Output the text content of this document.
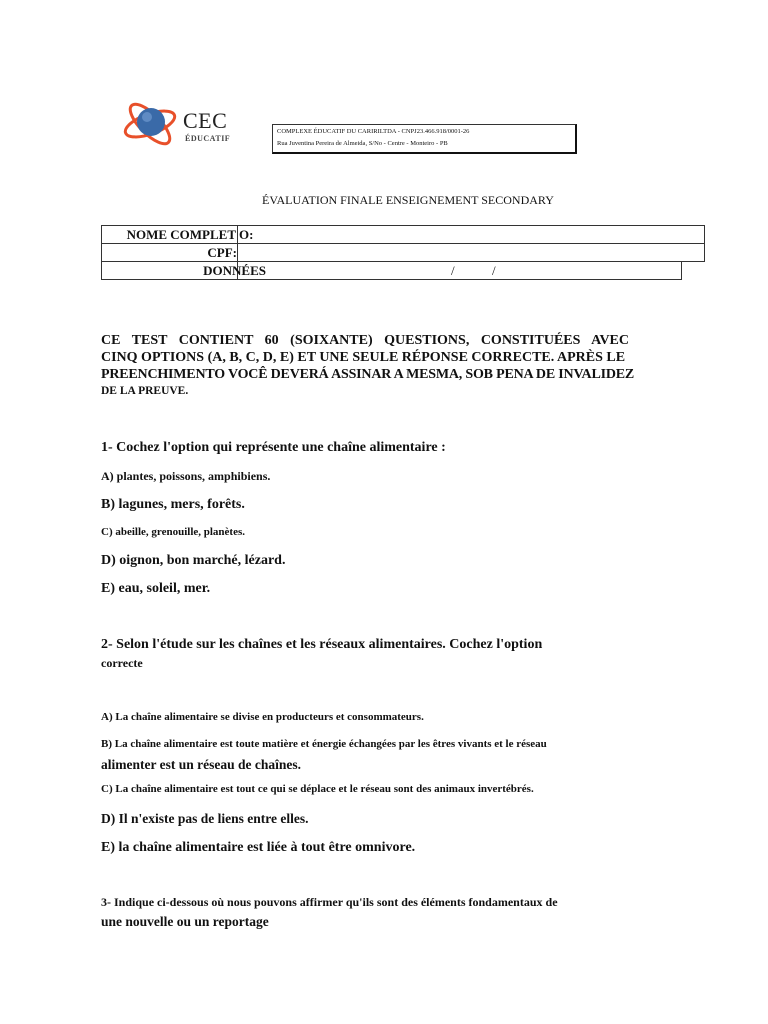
CEC
ÉDUCATIF
COMPLEXE ÉDUCATIF DU CARIRILTDA - CNPJ23.466.918/0001-26
Rua Juventina Pereira de Almeida, S/No - Centre - Monteiro - PB
ÉVALUATION FINALE ENSEIGNEMENT SECONDARY
NOME COMPLET O:
CPF:
DONNÉES	/	/
CE TEST CONTIENT 60 (SOIXANTE) QUESTIONS, CONSTITUÉES AVEC
CINQ OPTIONS (A, B, C, D, E) ET UNE SEULE RÉPONSE CORRECTE. APRÈS LE
PREENCHIMENTO VOCÊ DEVERÁ ASSINAR A MESMA, SOB PENA DE INVALIDEZ
DE LA PREUVE.
1- Cochez l'option qui représente une chaîne alimentaire :
A) plantes, poissons, amphibiens.
B) lagunes, mers, forêts.
C) abeille, grenouille, planètes.
D) oignon, bon marché, lézard.
E) eau, soleil, mer.
2- Selon l'étude sur les chaînes et les réseaux alimentaires. Cochez l'option
correcte
A) La chaîne alimentaire se divise en producteurs et consommateurs.
B) La chaîne alimentaire est toute matière et énergie échangées par les êtres vivants et le réseau
alimenter est un réseau de chaînes.
C) La chaîne alimentaire est tout ce qui se déplace et le réseau sont des animaux invertébrés.
D) Il n'existe pas de liens entre elles.
E) la chaîne alimentaire est liée à tout être omnivore.
3- Indique ci-dessous où nous pouvons affirmer qu'ils sont des éléments fondamentaux de
une nouvelle ou un reportage
